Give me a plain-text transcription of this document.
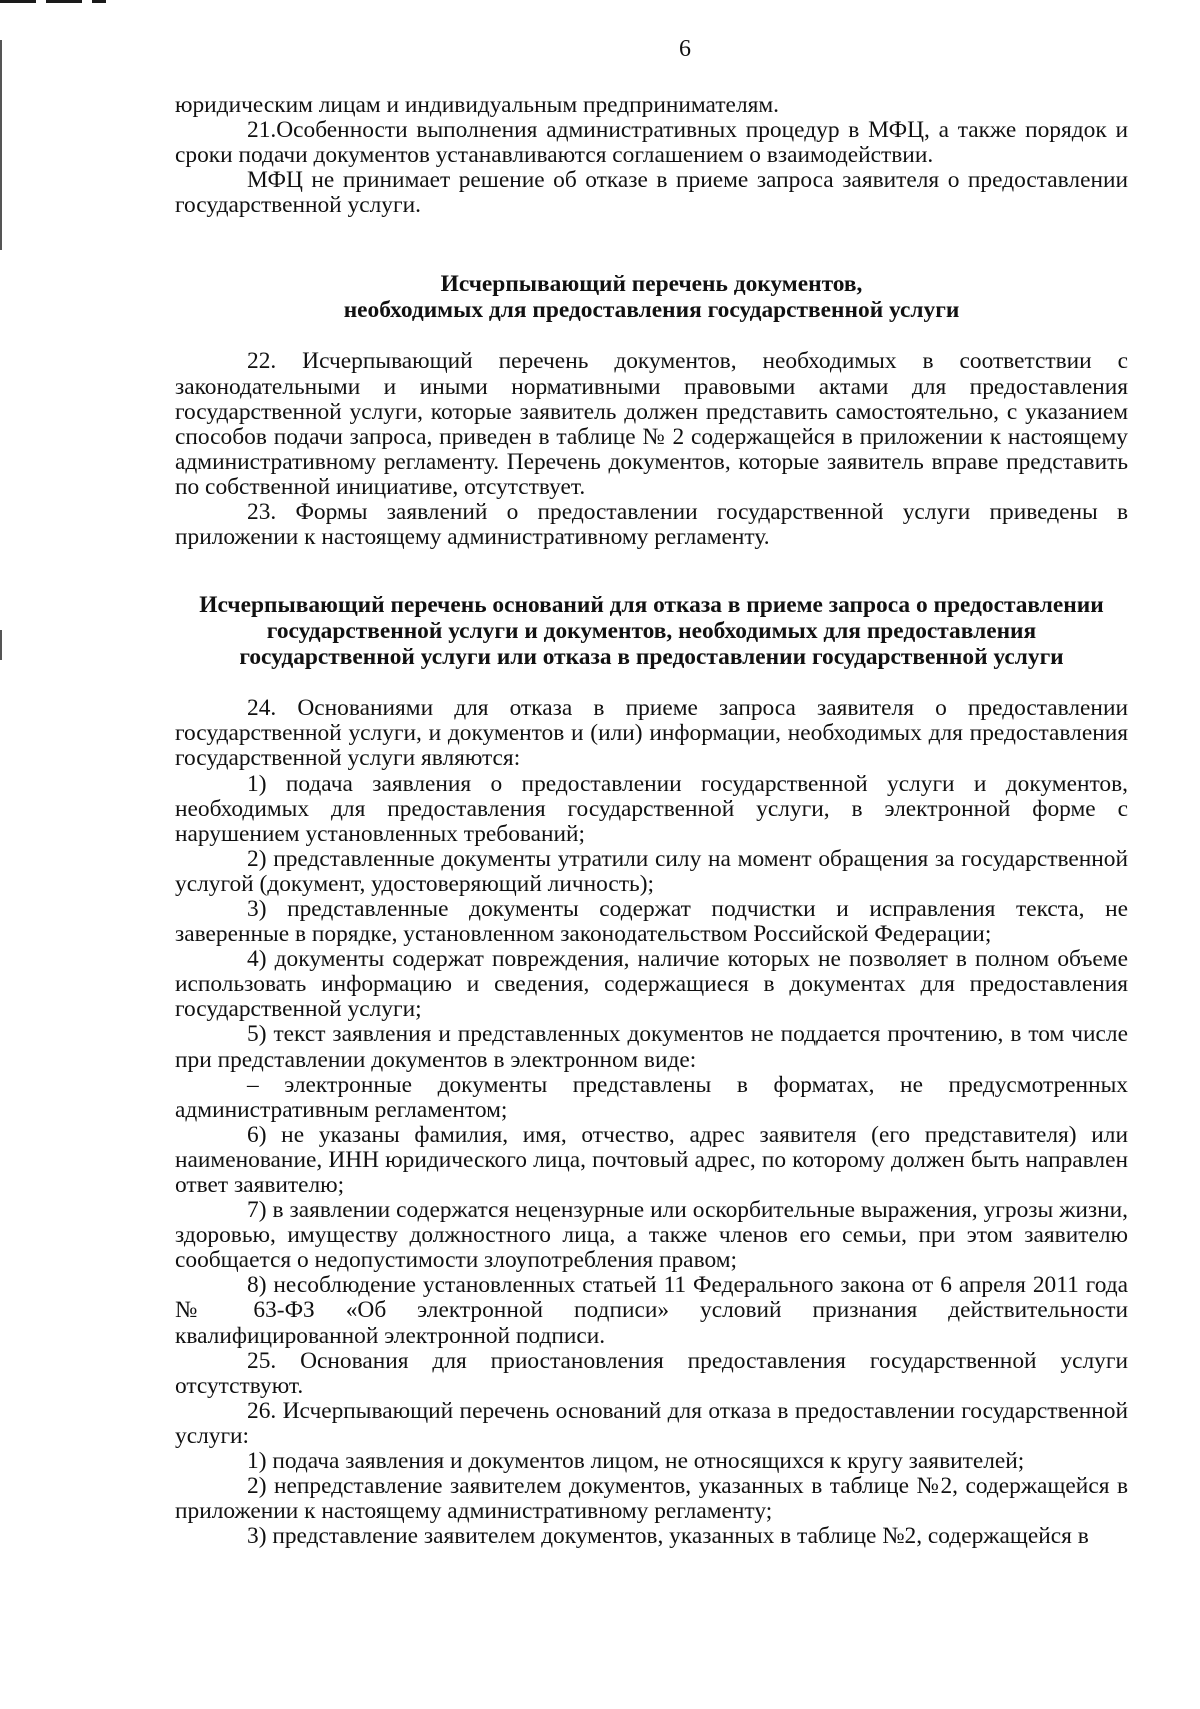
6

юридическим лицам и индивидуальным предпринимателям.

21.Особенности выполнения административных процедур в МФЦ, а также порядок и сроки подачи документов устанавливаются соглашением о взаимодействии.

МФЦ не принимает решение об отказе в приеме запроса заявителя о предоставлении государственной услуги.

Исчерпывающий перечень документов,
необходимых для предоставления государственной услуги

22. Исчерпывающий перечень документов, необходимых в соответствии с законодательными и иными нормативными правовыми актами для предоставления государственной услуги, которые заявитель должен представить самостоятельно, с указанием способов подачи запроса, приведен в таблице № 2 содержащейся в приложении к настоящему административному регламенту. Перечень документов, которые заявитель вправе представить по собственной инициативе, отсутствует.

23. Формы заявлений о предоставлении государственной услуги приведены в приложении к настоящему административному регламенту.

Исчерпывающий перечень оснований для отказа в приеме запроса о предоставлении
государственной услуги и документов, необходимых для предоставления
государственной услуги или отказа в предоставлении государственной услуги

24. Основаниями для отказа в приеме запроса заявителя о предоставлении государственной услуги, и документов и (или) информации, необходимых для предоставления государственной услуги являются:

1) подача заявления о предоставлении государственной услуги и документов, необходимых для предоставления государственной услуги, в электронной форме с нарушением установленных требований;

2) представленные документы утратили силу на момент обращения за государственной услугой (документ, удостоверяющий личность);

3) представленные документы содержат подчистки и исправления текста, не заверенные в порядке, установленном законодательством Российской Федерации;

4) документы содержат повреждения, наличие которых не позволяет в полном объеме использовать информацию и сведения, содержащиеся в документах для предоставления государственной услуги;

5) текст заявления и представленных документов не поддается прочтению, в том числе при представлении документов в электронном виде:

– электронные документы представлены в форматах, не предусмотренных административным регламентом;

6) не указаны фамилия, имя, отчество, адрес заявителя (его представителя) или наименование, ИНН юридического лица, почтовый адрес, по которому должен быть направлен ответ заявителю;

7) в заявлении содержатся нецензурные или оскорбительные выражения, угрозы жизни, здоровью, имуществу должностного лица, а также членов его семьи, при этом заявителю сообщается о недопустимости злоупотребления правом;

8) несоблюдение установленных статьей 11 Федерального закона от 6 апреля 2011 года № 63-ФЗ «Об электронной подписи» условий признания действительности квалифицированной электронной подписи.

25. Основания для приостановления предоставления государственной услуги отсутствуют.

26. Исчерпывающий перечень оснований для отказа в предоставлении государственной услуги:

1) подача заявления и документов лицом, не относящихся к кругу заявителей;

2) непредставление заявителем документов, указанных в таблице №2, содержащейся в приложении к настоящему административному регламенту;

3) представление заявителем документов, указанных в таблице №2, содержащейся в
